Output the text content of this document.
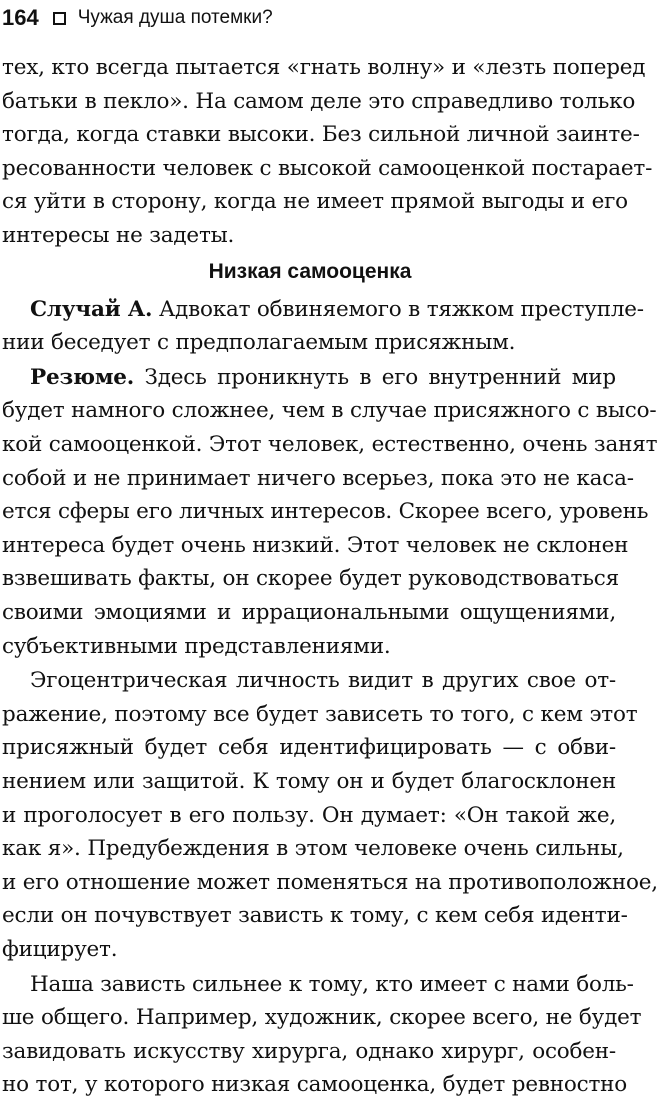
164 Чужая душа потемки?
тех, кто всегда пытается «гнать волну» и «лезть поперед
батьки в пекло». На самом деле это справедливо только
тогда, когда ставки высоки. Без сильной личной заинте-
ресованности человек с высокой самооценкой постарает-
ся уйти в сторону, когда не имеет прямой выгоды и его
интересы не задеты.
Низкая самооценка
Случай А. Адвокат обвиняемого в тяжком преступле-
нии беседует с предполагаемым присяжным.
Резюме. Здесь проникнуть в его внутренний мир
будет намного сложнее, чем в случае присяжного с высо-
кой самооценкой. Этот человек, естественно, очень занят
собой и не принимает ничего всерьез, пока это не каса-
ется сферы его личных интересов. Скорее всего, уровень
интереса будет очень низкий. Этот человек не склонен
взвешивать факты, он скорее будет руководствоваться
своими эмоциями и иррациональными ощущениями,
субъективными представлениями.
Эгоцентрическая личность видит в других свое от-
ражение, поэтому все будет зависеть то того, с кем этот
присяжный будет себя идентифицировать — с обви-
нением или защитой. К тому он и будет благосклонен
и проголосует в его пользу. Он думает: «Он такой же,
как я». Предубеждения в этом человеке очень сильны,
и его отношение может поменяться на противоположное,
если он почувствует зависть к тому, с кем себя иденти-
фицирует.
Наша зависть сильнее к тому, кто имеет с нами боль-
ше общего. Например, художник, скорее всего, не будет
завидовать искусству хирурга, однако хирург, особен-
но тот, у которого низкая самооценка, будет ревностно
